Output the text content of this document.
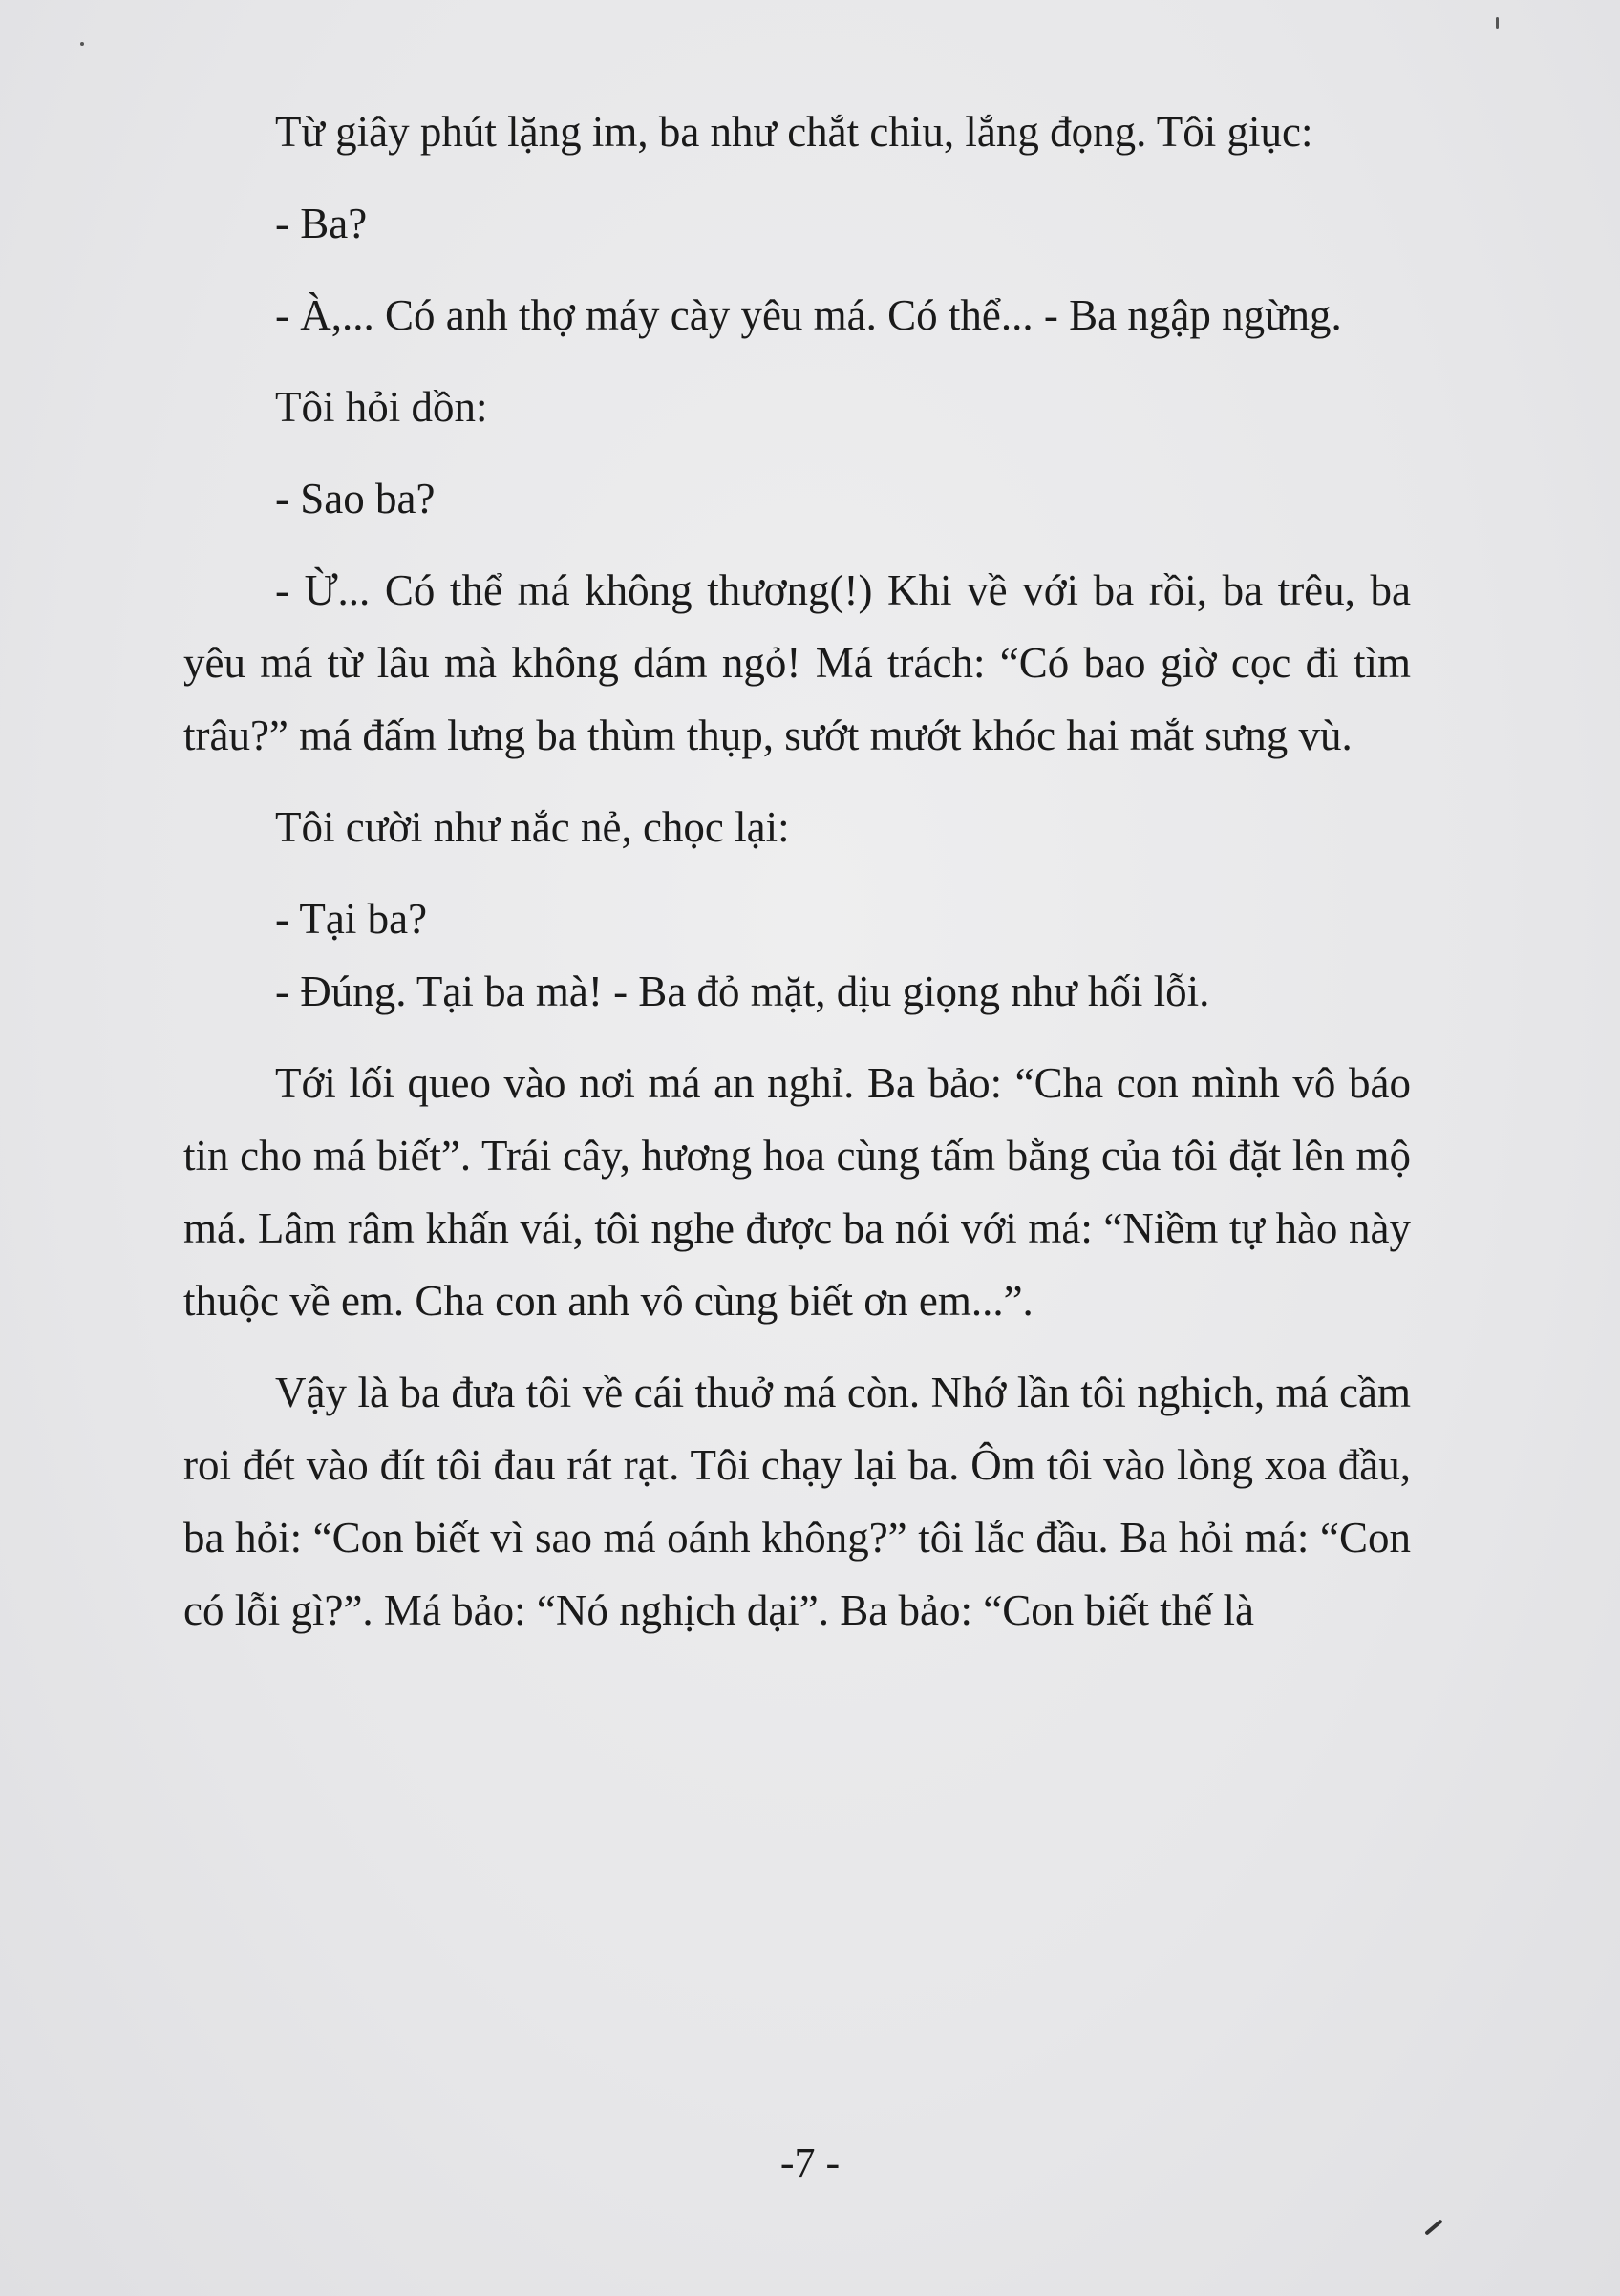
Từ giây phút lặng im, ba như chắt chiu, lắng đọng. Tôi giục:

- Ba?

- À,... Có anh thợ máy cày yêu má. Có thể... - Ba ngập ngừng.

Tôi hỏi dồn:

- Sao ba?

- Ừ... Có thể má không thương(!) Khi về với ba rồi, ba trêu, ba yêu má từ lâu mà không dám ngỏ! Má trách: “Có bao giờ cọc đi tìm trâu?” má đấm lưng ba thùm thụp, sướt mướt khóc hai mắt sưng vù.

Tôi cười như nắc nẻ, chọc lại:

- Tại ba?

- Đúng. Tại ba mà! - Ba đỏ mặt, dịu giọng như hối lỗi.

Tới lối queo vào nơi má an nghỉ. Ba bảo: “Cha con mình vô báo tin cho má biết”. Trái cây, hương hoa cùng tấm bằng của tôi đặt lên mộ má. Lâm râm khấn vái, tôi nghe được ba nói với má: “Niềm tự hào này thuộc về em. Cha con anh vô cùng biết ơn em...”.

Vậy là ba đưa tôi về cái thuở má còn. Nhớ lần tôi nghịch, má cầm roi đét vào đít tôi đau rát rạt. Tôi chạy lại ba. Ôm tôi vào lòng xoa đầu, ba hỏi: “Con biết vì sao má oánh không?” tôi lắc đầu. Ba hỏi má: “Con có lỗi gì?”. Má bảo: “Nó nghịch dại”. Ba bảo: “Con biết thế là

-7 -
